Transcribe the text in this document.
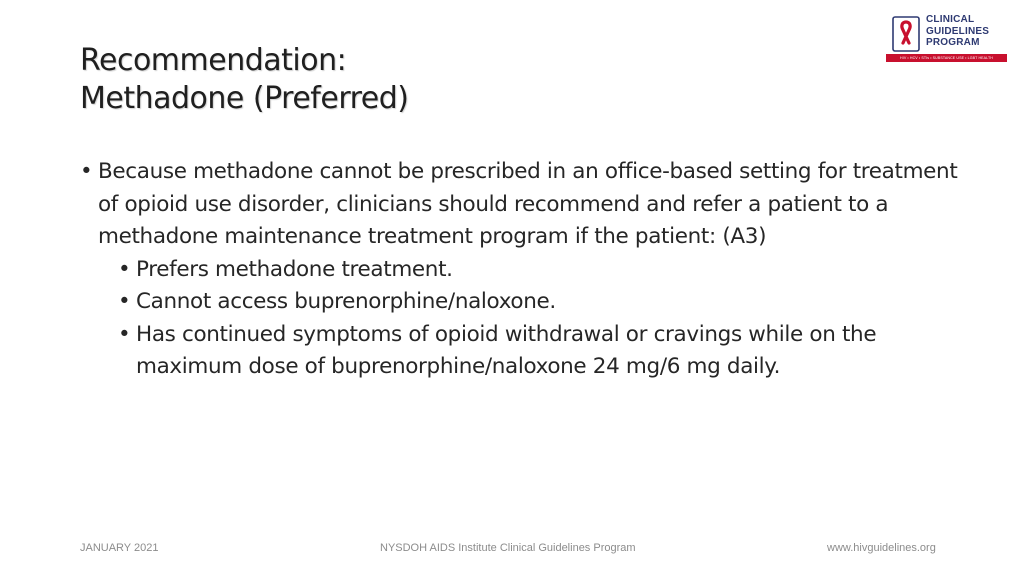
Recommendation:
Methadone (Preferred)
CLINICAL
GUIDELINES
PROGRAM
HIV • HCV • STIs • SUBSTANCE USE • LGBT HEALTH
• Because methadone cannot be prescribed in an office-based setting for treatment of opioid use disorder, clinicians should recommend and refer a patient to a methadone maintenance treatment program if the patient: (A3)
• Prefers methadone treatment.
• Cannot access buprenorphine/naloxone.
• Has continued symptoms of opioid withdrawal or cravings while on the maximum dose of buprenorphine/naloxone 24 mg/6 mg daily.
JANUARY 2021	NYSDOH AIDS Institute Clinical Guidelines Program	www.hivguidelines.org
